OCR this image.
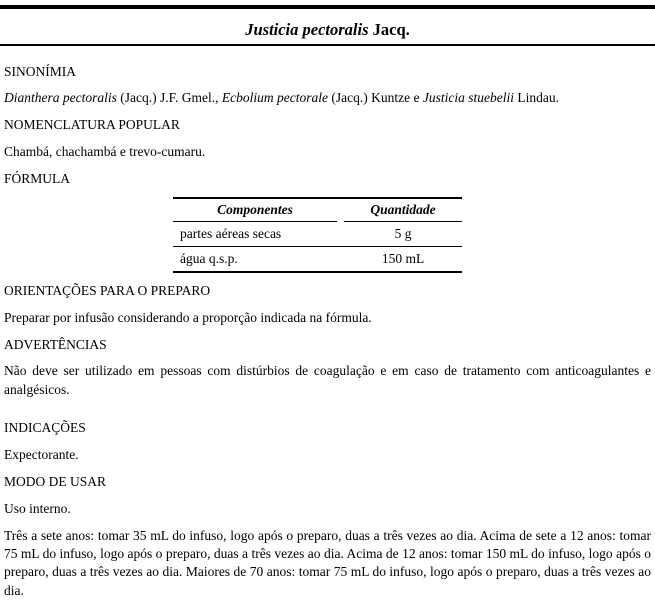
Justicia pectoralis Jacq.

SINONÍMIA

Dianthera pectoralis (Jacq.) J.F. Gmel., Ecbolium pectorale (Jacq.) Kuntze e Justicia stuebelii Lindau.

NOMENCLATURA POPULAR

Chambá, chachambá e trevo-cumaru.

FÓRMULA

Componentes	Quantidade
partes aéreas secas	5 g
água q.s.p.	150 mL

ORIENTAÇÕES PARA O PREPARO

Preparar por infusão considerando a proporção indicada na fórmula.

ADVERTÊNCIAS

Não deve ser utilizado em pessoas com distúrbios de coagulação e em caso de tratamento com anticoagulantes e analgésicos.

INDICAÇÕES

Expectorante.

MODO DE USAR

Uso interno.

Três a sete anos: tomar 35 mL do infuso, logo após o preparo, duas a três vezes ao dia. Acima de sete a 12 anos: tomar 75 mL do infuso, logo após o preparo, duas a três vezes ao dia. Acima de 12 anos: tomar 150 mL do infuso, logo após o preparo, duas a três vezes ao dia. Maiores de 70 anos: tomar 75 mL do infuso, logo após o preparo, duas a três vezes ao dia.
